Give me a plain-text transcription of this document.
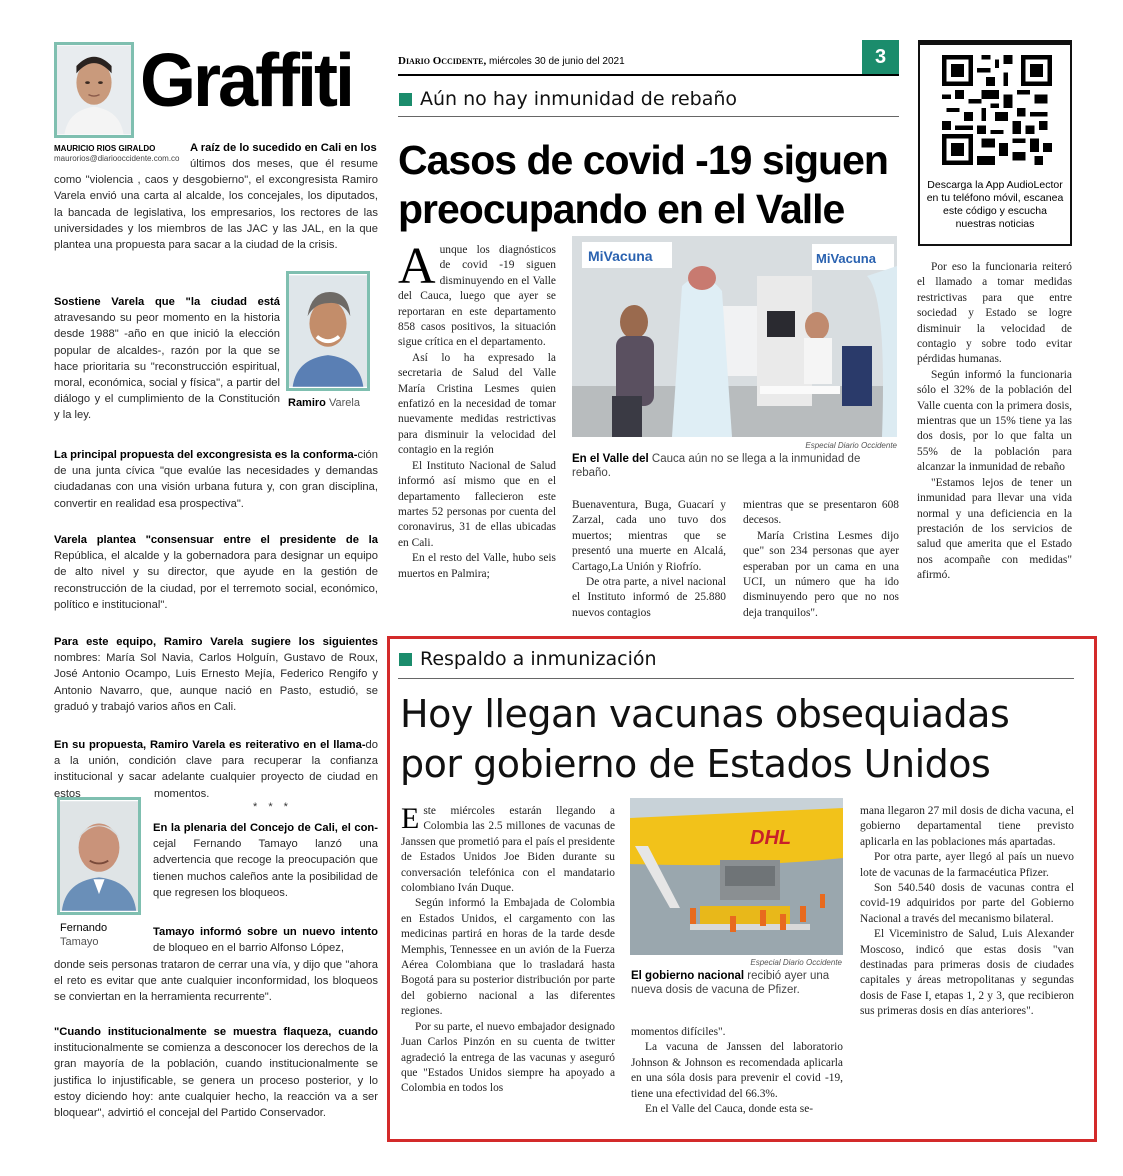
Graffiti
MAURICIO RIOS GIRALDO
maurorios@diariooccidente.com.co
A raíz de lo sucedido en Cali en los
últimos dos meses, que él resume como "violencia , caos y desgobierno", el excongresista Ramiro Varela envió una carta al alcalde, los concejales, los diputados, la bancada de legislativa, los empresarios, los rectores de las universidades y los miembros de las JAC y las JAL, en la que plantea una propuesta para sacar a la ciudad de la crisis.
Sostiene Varela que "la ciudad está atravesando su peor momento en la historia desde 1988" -año en que inició la elección popular de alcaldes-, razón por la que se hace prioritaria su "reconstrucción espiritual, moral, económica, social y física", a partir del diálogo y el cumplimiento de la Constitución y la ley.
Ramiro Varela
La principal propuesta del excongresista es la conforma-ción de una junta cívica "que evalúe las necesidades y demandas ciudadanas con una visión urbana futura y, con gran disciplina, convertir en realidad esa prospectiva".
Varela plantea "consensuar entre el presidente de la República, el alcalde y la gobernadora para designar un equipo de alto nivel y su director, que ayude en la gestión de reconstrucción de la ciudad, por el terremoto social, económico, político e institucional".
Para este equipo, Ramiro Varela sugiere los siguientes nombres: María Sol Navia, Carlos Holguín, Gustavo de Roux, José Antonio Ocampo, Luis Ernesto Mejía, Federico Rengifo y Antonio Navarro, que, aunque nació en Pasto, estudió, se graduó y trabajó varios años en Cali.
En su propuesta, Ramiro Varela es reiterativo en el llama-do a la unión, condición clave para recuperar la confianza institucional y sacar adelante cualquier proyecto de ciudad en estos	momentos.
* * *
En la plenaria del Concejo de Cali, el con-cejal Fernando Tamayo lanzó una advertencia que recoge la preocupación que tienen muchos caleños ante la posibilidad de que regresen los bloqueos.
Fernando
Tamayo
Tamayo informó sobre un nuevo intento de bloqueo en el barrio Alfonso López,
donde seis personas trataron de cerrar una vía, y dijo que "ahora el reto es evitar que ante cualquier inconformidad, los bloqueos se conviertan en la herramienta recurrente".
"Cuando institucionalmente se muestra flaqueza, cuando institucionalmente se comienza a desconocer los derechos de la gran mayoría de la población, cuando institucionalmente se justifica lo injustificable, se genera un proceso posterior, y lo estoy diciendo hoy: ante cualquier hecho, la reacción va a ser bloquear", advirtió el concejal del Partido Conservador.
Diario Occidente, miércoles 30 de junio del 2021	3
Descarga la App AudioLector en tu teléfono móvil, escanea este código y escucha nuestras noticias
Aún no hay inmunidad de rebaño
Casos de covid -19 siguen preocupando en el Valle

Aunque los diagnósticos de covid -19 siguen disminuyendo en el Valle del Cauca, luego que ayer se reportaran en este departamento 858 casos positivos, la situación sigue crítica en el departamento.

Así lo ha expresado la secretaria de Salud del Valle María Cristina Lesmes quien enfatizó en la necesidad de tomar nuevamente medidas restrictivas para disminuir la velocidad del contagio en la región

El Instituto Nacional de Salud informó así mismo que en el departamento fallecieron este martes 52 personas por cuenta del coronavirus, 31 de ellas ubicadas en Cali.

En el resto del Valle, hubo seis muertos en Palmira;

MiVacuna	MiVacuna
Especial Diario Occidente
En el Valle del Cauca aún no se llega a la inmunidad de rebaño.

Buenaventura, Buga, Guacarí y Zarzal, cada uno tuvo dos muertos; mientras que se presentó una muerte en Alcalá, Cartago,La Unión y Riofrío.

De otra parte, a nivel nacional el Instituto informó de 25.880 nuevos contagios

mientras que se presentaron 608 decesos.

María Cristina Lesmes dijo que" son 234 personas que ayer esperaban por un cama en una UCI, un número que ha ido disminuyendo pero que no nos deja tranquilos".

Por eso la funcionaria reiteró el llamado a tomar medidas restrictivas para que entre sociedad y Estado se logre disminuir la velocidad de contagio y sobre todo evitar pérdidas humanas.

Según informó la funcionaria sólo el 32% de la población del Valle cuenta con la primera dosis, mientras que un 15% tiene ya las dos dosis, por lo que falta un 55% de la población para alcanzar la inmunidad de rebaño

"Estamos lejos de tener un inmunidad para llevar una vida normal y una deficiencia en la prestación de los servicios de salud que amerita que el Estado nos acompañe con medidas" afirmó.

Respaldo a inmunización
Hoy llegan vacunas obsequiadas por gobierno de Estados Unidos

Este miércoles estarán llegando a Colombia las 2.5 millones de vacunas de Janssen que prometió para el país el presidente de Estados Unidos Joe Biden durante su conversación telefónica con el mandatario colombiano Iván Duque.

Según informó la Embajada de Colombia en Estados Unidos, el cargamento con las medicinas partirá en horas de la tarde desde Memphis, Tennessee en un avión de la Fuerza Aérea Colombiana que lo trasladará hasta Bogotá para su posterior distribución por parte del gobierno nacional a las diferentes regiones.

Por su parte, el nuevo embajador designado Juan Carlos Pinzón en su cuenta de twitter agradeció la entrega de las vacunas y aseguró que "Estados Unidos siempre ha apoyado a Colombia en todos los

DHL
Especial Diario Occidente
El gobierno nacional recibió ayer una nueva dosis de vacuna de Pfizer.

momentos difíciles".

La vacuna de Janssen del laboratorio Johnson & Johnson es recomendada aplicarla en una sóla dosis para prevenir el covid -19, tiene una efectividad del 66.3%.

En el Valle del Cauca, donde esta se-

mana llegaron 27 mil dosis de dicha vacuna, el gobierno departamental tiene previsto aplicarla en las poblaciones más apartadas.

Por otra parte, ayer llegó al país un nuevo lote de vacunas de la farmacéutica Pfizer.

Son 540.540 dosis de vacunas contra el covid-19 adquiridos por parte del Gobierno Nacional a través del mecanismo bilateral.

El Viceministro de Salud, Luis Alexander Moscoso, indicó que estas dosis "van destinadas para primeras dosis de ciudades capitales y áreas metropolitanas y segundas dosis de Fase I, etapas 1, 2 y 3, que recibieron sus primeras dosis en días anteriores".
